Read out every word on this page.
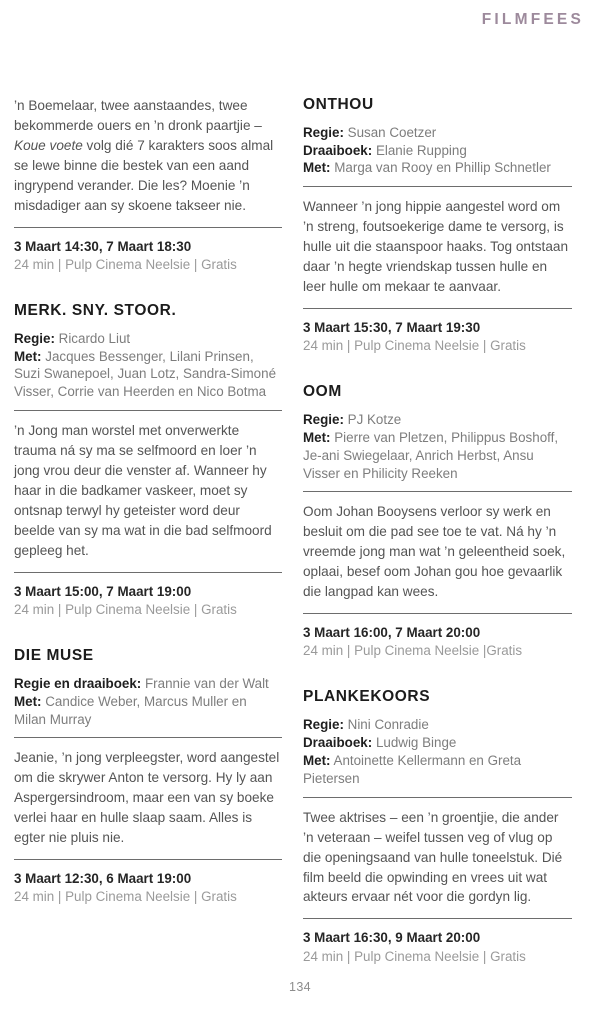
FILMFEES

’n Boemelaar, twee aanstaandes, twee bekommerde ouers en ’n dronk paartjie – Koue voete volg dié 7 karakters soos almal se lewe binne die bestek van een aand ingrypend verander. Die les? Moenie ’n misdadiger aan sy skoene takseer nie.

3 Maart 14:30, 7 Maart 18:30

24 min | Pulp Cinema Neelsie | Gratis

MERK. SNY. STOOR.

Regie: Ricardo Liut
Met: Jacques Bessenger, Lilani Prinsen, Suzi Swanepoel, Juan Lotz, Sandra-Simoné Visser, Corrie van Heerden en Nico Botma

’n Jong man worstel met onverwerkte trauma ná sy ma se selfmoord en loer ’n jong vrou deur die venster af. Wanneer hy haar in die badkamer vaskeer, moet sy ontsnap terwyl hy geteister word deur beelde van sy ma wat in die bad selfmoord gepleeg het.

3 Maart 15:00, 7 Maart 19:00

24 min | Pulp Cinema Neelsie | Gratis

DIE MUSE

Regie en draaiboek: Frannie van der Walt
Met: Candice Weber, Marcus Muller en Milan Murray

Jeanie, ’n jong verpleegster, word aangestel om die skrywer Anton te versorg. Hy ly aan Aspergersindroom, maar een van sy boeke verlei haar en hulle slaap saam. Alles is egter nie pluis nie.

3 Maart 12:30, 6 Maart 19:00

24 min | Pulp Cinema Neelsie | Gratis

ONTHOU

Regie: Susan Coetzer
Draaiboek: Elanie Rupping
Met: Marga van Rooy en Phillip Schnetler

Wanneer ’n jong hippie aangestel word om ’n streng, foutsoekerige dame te versorg, is hulle uit die staanspoor haaks. Tog ontstaan daar ’n hegte vriendskap tussen hulle en leer hulle om mekaar te aanvaar.

3 Maart 15:30, 7 Maart 19:30

24 min | Pulp Cinema Neelsie | Gratis

OOM

Regie: PJ Kotze
Met: Pierre van Pletzen, Philippus Boshoff, Je-ani Swiegelaar, Anrich Herbst, Ansu Visser en Philicity Reeken

Oom Johan Booysens verloor sy werk en besluit om die pad see toe te vat. Ná hy ’n vreemde jong man wat ’n geleentheid soek, oplaai, besef oom Johan gou hoe gevaarlik die langpad kan wees.

3 Maart 16:00, 7 Maart 20:00

24 min | Pulp Cinema Neelsie |Gratis

PLANKEKOORS

Regie: Nini Conradie
Draaiboek: Ludwig Binge
Met: Antoinette Kellermann en Greta Pietersen

Twee aktrises – een ’n groentjie, die ander ’n veteraan – weifel tussen veg of vlug op die openingsaand van hulle toneelstuk. Dié film beeld die opwinding en vrees uit wat akteurs ervaar nét voor die gordyn lig.

3 Maart 16:30, 9 Maart 20:00

24 min | Pulp Cinema Neelsie | Gratis

134
